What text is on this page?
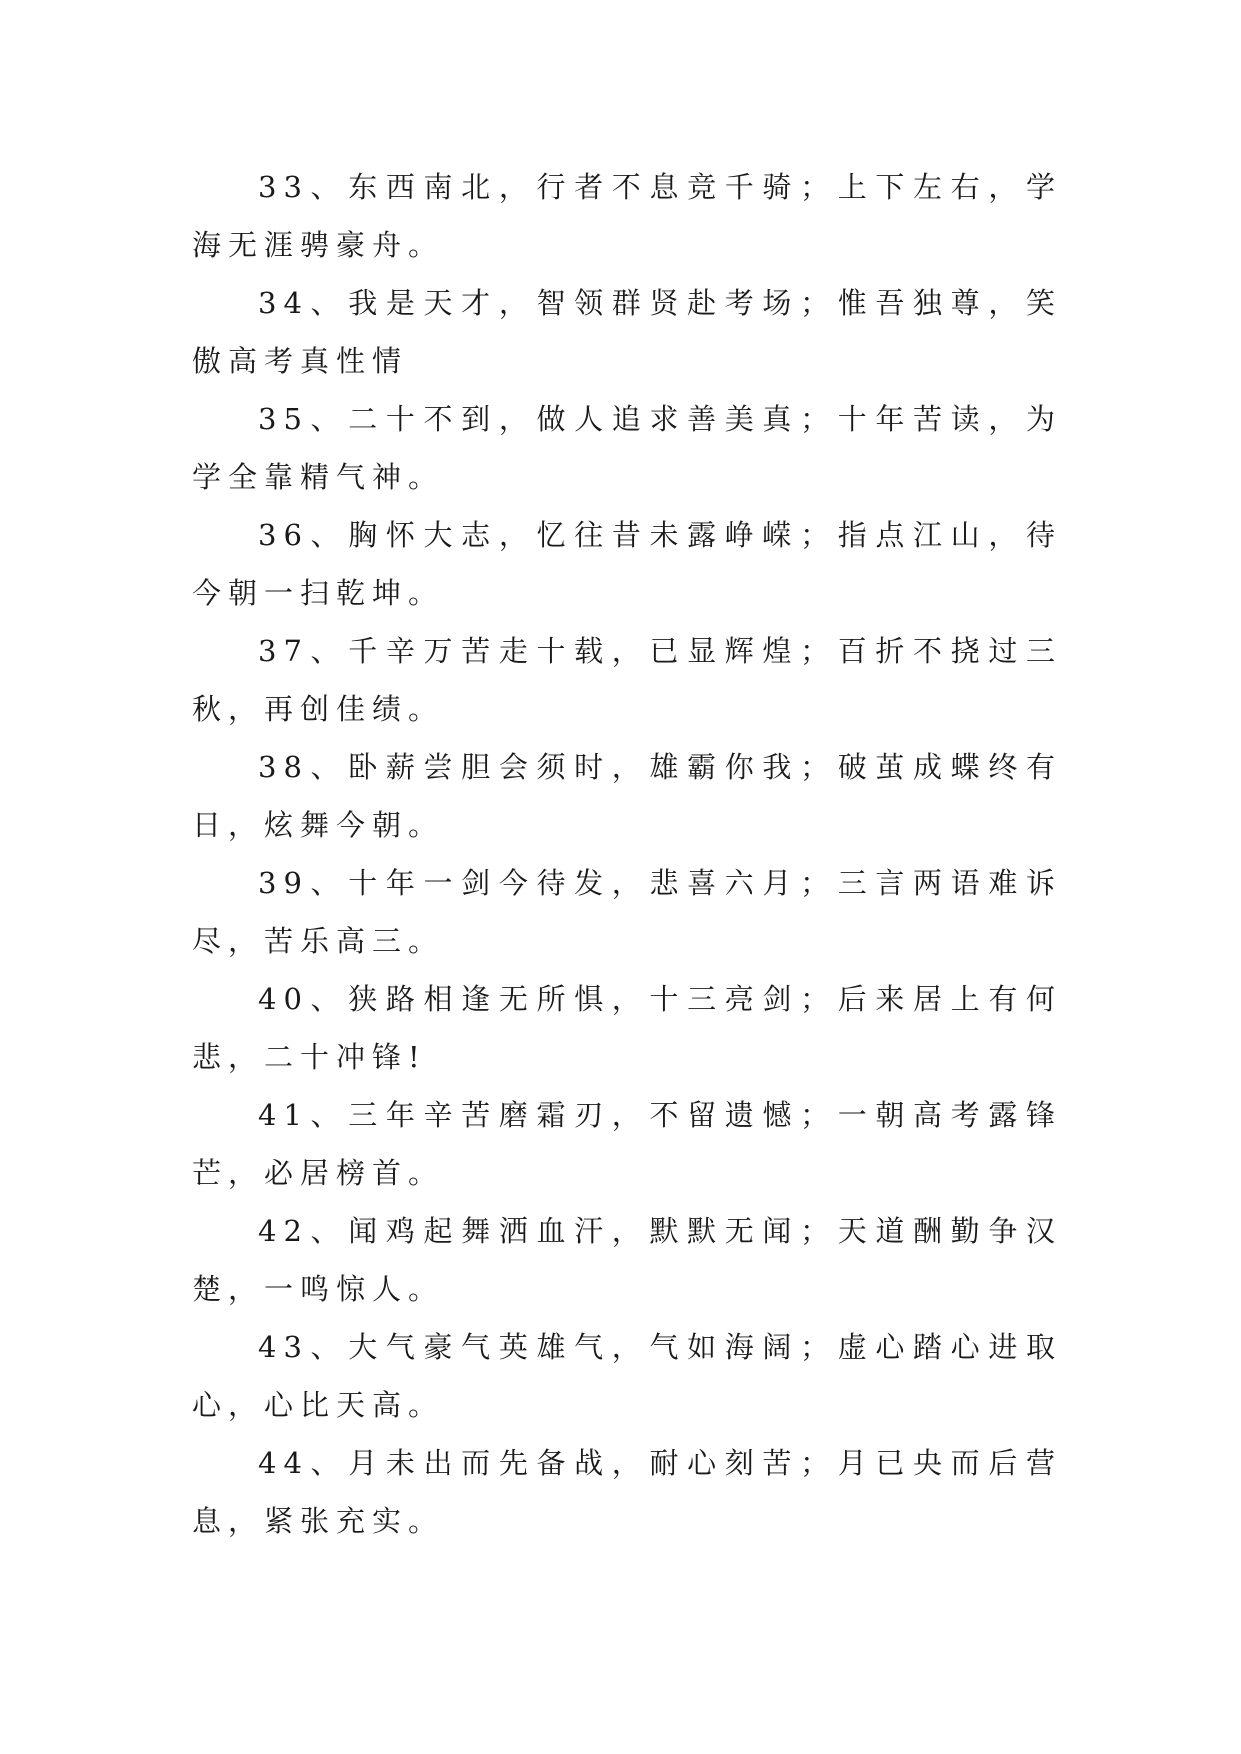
33、东西南北，行者不息竞千骑；上下左右，学海无涯骋豪舟。

34、我是天才，智领群贤赴考场；惟吾独尊，笑傲高考真性情

35、二十不到，做人追求善美真；十年苦读，为学全靠精气神。

36、胸怀大志，忆往昔未露峥嵘；指点江山，待今朝一扫乾坤。

37、千辛万苦走十载，已显辉煌；百折不挠过三秋，再创佳绩。

38、卧薪尝胆会须时，雄霸你我；破茧成蝶终有日，炫舞今朝。

39、十年一剑今待发，悲喜六月；三言两语难诉尽，苦乐高三。

40、狭路相逢无所惧，十三亮剑；后来居上有何悲，二十冲锋!

41、三年辛苦磨霜刃，不留遗憾；一朝高考露锋芒，必居榜首。

42、闻鸡起舞洒血汗，默默无闻；天道酬勤争汉楚，一鸣惊人。

43、大气豪气英雄气，气如海阔；虚心踏心进取心，心比天高。

44、月未出而先备战，耐心刻苦；月已央而后营息，紧张充实。
